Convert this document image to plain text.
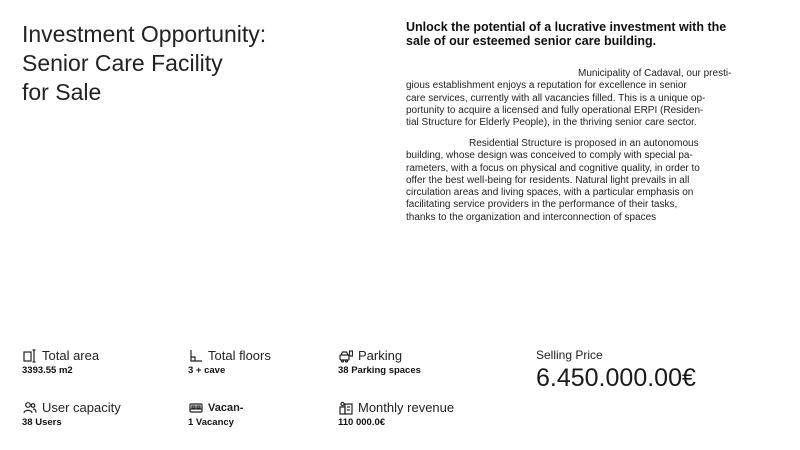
Investment Opportunity:
Senior Care Facility
for Sale
Unlock the potential of a lucrative investment with the
sale of our esteemed senior care building.
Municipality of Cadaval, our presti-
gious establishment enjoys a reputation for excellence in senior
care services, currently with all vacancies filled. This is a unique op-
portunity to acquire a licensed and fully operational ERPI (Residen-
tial Structure for Elderly People), in the thriving senior care sector.
Residential Structure is proposed in an autonomous
building, whose design was conceived to comply with special pa-
rameters, with a focus on physical and cognitive quality, in order to
offer the best well-being for residents. Natural light prevails in all
circulation areas and living spaces, with a particular emphasis on
facilitating service providers in the performance of their tasks,
thanks to the organization and interconnection of spaces
Total area
3393.55 m2
Total floors
3 + cave
Parking
38 Parking spaces
User capacity
38 Users
Vacan-
1 Vacancy
Monthly revenue
110 000.0€
Selling Price
6.450.000.00€
